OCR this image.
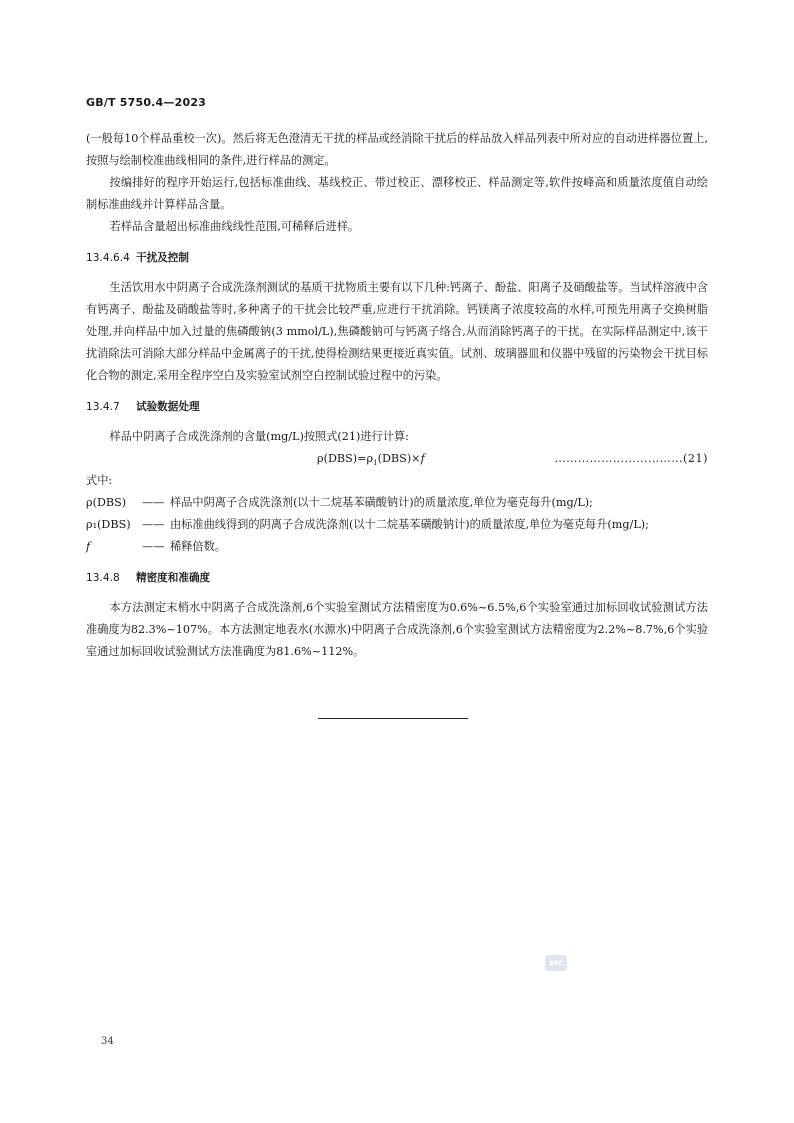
GB/T 5750.4—2023

(一般每10个样品重校一次)。然后将无色澄清无干扰的样品或经消除干扰后的样品放入样品列表中所对应的自动进样器位置上,按照与绘制校准曲线相同的条件,进行样品的测定。

按编排好的程序开始运行,包括标准曲线、基线校正、带过校正、漂移校正、样品测定等,软件按峰高和质量浓度值自动绘制标准曲线并计算样品含量。

若样品含量超出标准曲线线性范围,可稀释后进样。

13.4.6.4 干扰及控制

生活饮用水中阴离子合成洗涤剂测试的基质干扰物质主要有以下几种:钙离子、酚盐、阳离子及硝酸盐等。当试样溶液中含有钙离子、酚盐及硝酸盐等时,多种离子的干扰会比较严重,应进行干扰消除。钙镁离子浓度较高的水样,可预先用离子交换树脂处理,并向样品中加入过量的焦磷酸钠(3 mmol/L),焦磷酸钠可与钙离子络合,从而消除钙离子的干扰。在实际样品测定中,该干扰消除法可消除大部分样品中金属离子的干扰,使得检测结果更接近真实值。试剂、玻璃器皿和仪器中残留的污染物会干扰目标化合物的测定,采用全程序空白及实验室试剂空白控制试验过程中的污染。

13.4.7 试验数据处理

样品中阴离子合成洗涤剂的含量(mg/L)按照式(21)进行计算:

$\rho(DBS)=\rho_1(DBS)\times f$	……………………………(21)

式中:

ρ(DBS)	—— 样品中阴离子合成洗涤剂(以十二烷基苯磺酸钠计)的质量浓度,单位为毫克每升(mg/L);
ρ₁(DBS)	—— 由标准曲线得到的阴离子合成洗涤剂(以十二烷基苯磺酸钠计)的质量浓度,单位为毫克每升(mg/L);
f	—— 稀释倍数。
13.4.8 精密度和准确度

本方法测定末梢水中阴离子合成洗涤剂,6个实验室测试方法精密度为0.6%~6.5%,6个实验室通过加标回收试验测试方法准确度为82.3%~107%。本方法测定地表水(水源水)中阴离子合成洗涤剂,6个实验室测试方法精密度为2.2%~8.7%,6个实验室通过加标回收试验测试方法准确度为81.6%~112%。

SAC
34
